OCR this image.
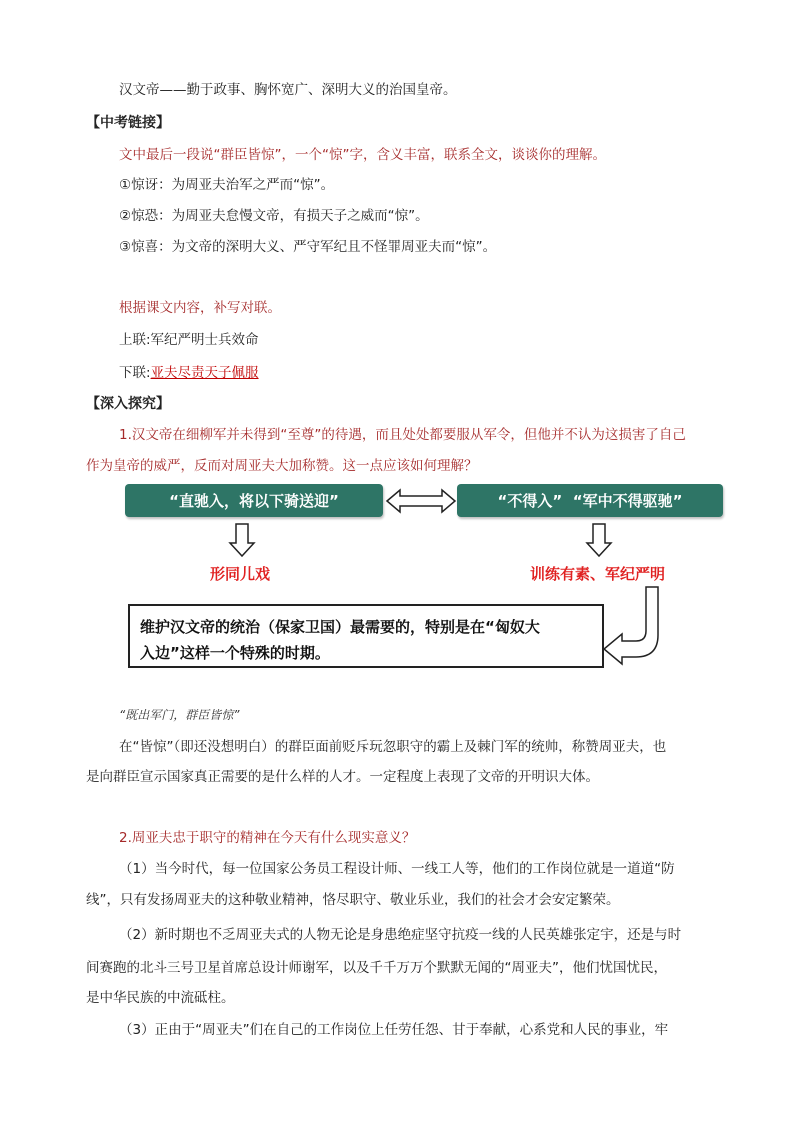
汉文帝——勤于政事、胸怀宽广、深明大义的治国皇帝。
【中考链接】
文中最后一段说“群臣皆惊”，一个“惊”字，含义丰富，联系全文，谈谈你的理解。
①惊讶：为周亚夫治军之严而“惊”。
②惊恐：为周亚夫怠慢文帝，有损天子之威而“惊”。
③惊喜：为文帝的深明大义、严守军纪且不怪罪周亚夫而“惊”。
根据课文内容，补写对联。
上联:军纪严明士兵效命
下联:亚夫尽责天子佩服
【深入探究】
1.汉文帝在细柳军并未得到“至尊”的待遇，而且处处都要服从军令，但他并不认为这损害了自己
作为皇帝的威严，反而对周亚夫大加称赞。这一点应该如何理解？
“直驰入，将以下骑送迎”	“不得入”  “军中不得驱驰”
形同儿戏	训练有素、军纪严明
维护汉文帝的统治（保家卫国）最需要的，特别是在“匈奴大
入边”这样一个特殊的时期。
“既出军门，群臣皆惊”
在“皆惊”（即还没想明白）的群臣面前贬斥玩忽职守的霸上及棘门军的统帅，称赞周亚夫，也
是向群臣宣示国家真正需要的是什么样的人才。一定程度上表现了文帝的开明识大体。
2.周亚夫忠于职守的精神在今天有什么现实意义？
（1）当今时代，每一位国家公务员工程设计师、一线工人等，他们的工作岗位就是一道道“防
线”，只有发扬周亚夫的这种敬业精神，恪尽职守、敬业乐业，我们的社会才会安定繁荣。
（2）新时期也不乏周亚夫式的人物无论是身患绝症坚守抗疫一线的人民英雄张定宇，还是与时
间赛跑的北斗三号卫星首席总设计师谢军，以及千千万万个默默无闻的“周亚夫”，他们忧国忧民，
是中华民族的中流砥柱。
（3）正由于“周亚夫”们在自己的工作岗位上任劳任怨、甘于奉献，心系党和人民的事业，牢
